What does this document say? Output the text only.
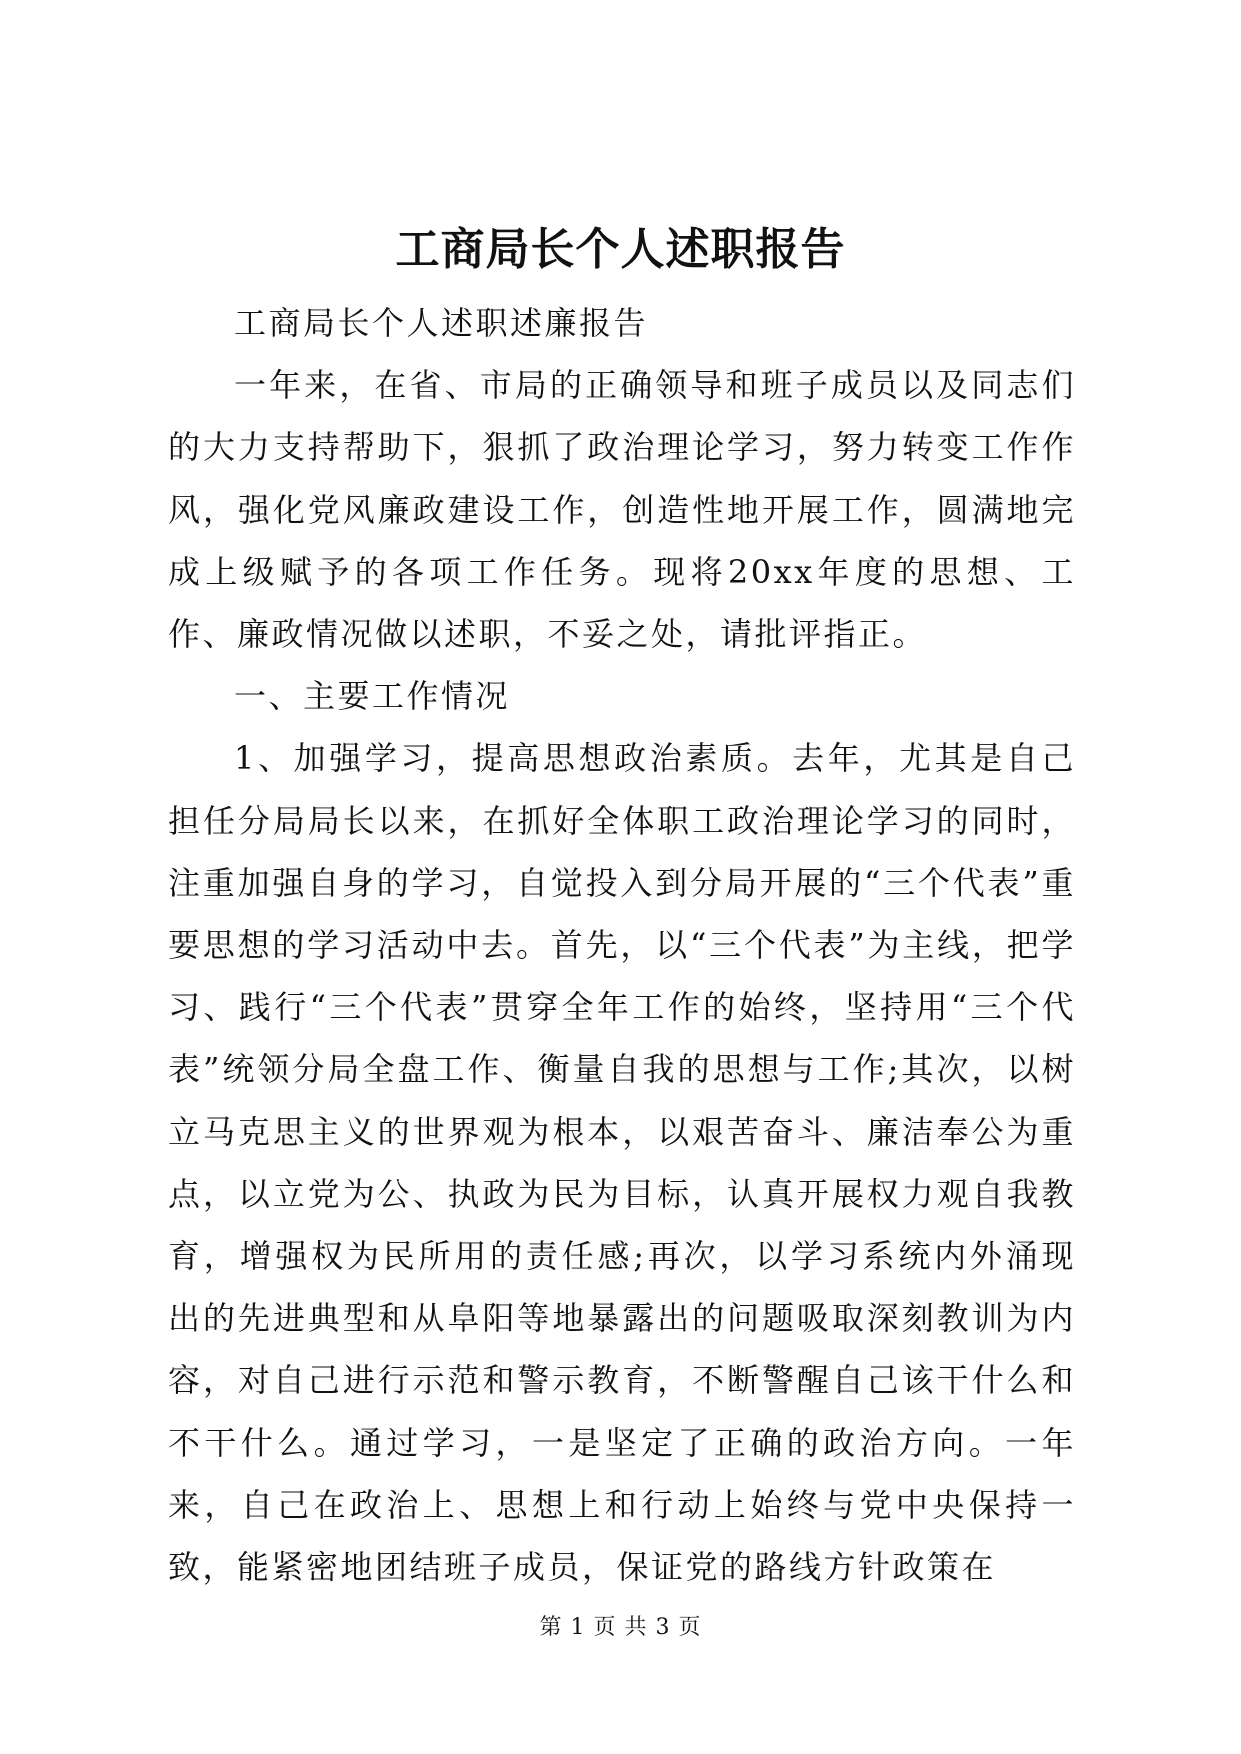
工商局长个人述职报告

工商局长个人述职述廉报告

一年来，在省、市局的正确领导和班子成员以及同志们的大力支持帮助下，狠抓了政治理论学习，努力转变工作作风，强化党风廉政建设工作，创造性地开展工作，圆满地完成上级赋予的各项工作任务。现将20xx年度的思想、工作、廉政情况做以述职，不妥之处，请批评指正。

一、主要工作情况

1、加强学习，提高思想政治素质。去年，尤其是自己担任分局局长以来，在抓好全体职工政治理论学习的同时，注重加强自身的学习，自觉投入到分局开展的“三个代表”重要思想的学习活动中去。首先，以“三个代表”为主线，把学习、践行“三个代表”贯穿全年工作的始终，坚持用“三个代表”统领分局全盘工作、衡量自我的思想与工作;其次，以树立马克思主义的世界观为根本，以艰苦奋斗、廉洁奉公为重点，以立党为公、执政为民为目标，认真开展权力观自我教育，增强权为民所用的责任感;再次，以学习系统内外涌现出的先进典型和从阜阳等地暴露出的问题吸取深刻教训为内容，对自己进行示范和警示教育，不断警醒自己该干什么和不干什么。通过学习，一是坚定了正确的政治方向。一年来，自己在政治上、思想上和行动上始终与党中央保持一致，能紧密地团结班子成员，保证党的路线方针政策在

第 1 页 共 3 页
